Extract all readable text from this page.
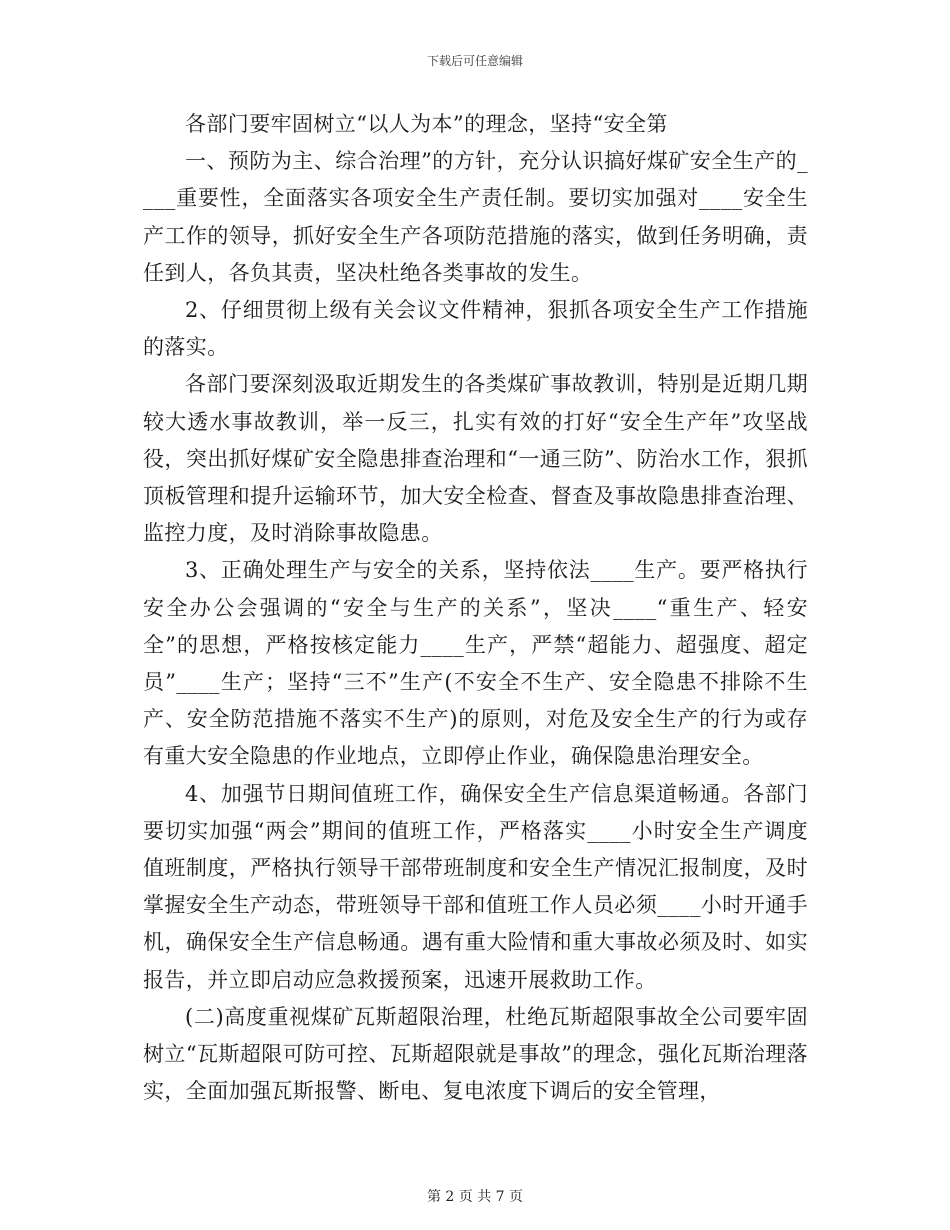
下载后可任意编辑

各部门要牢固树立“以人为本”的理念，坚持“安全第

一、预防为主、综合治理”的方针，充分认识搞好煤矿安全生产的____重要性，全面落实各项安全生产责任制。要切实加强对____安全生产工作的领导，抓好安全生产各项防范措施的落实，做到任务明确，责任到人，各负其责，坚决杜绝各类事故的发生。

2、仔细贯彻上级有关会议文件精神，狠抓各项安全生产工作措施的落实。

各部门要深刻汲取近期发生的各类煤矿事故教训，特别是近期几期较大透水事故教训，举一反三，扎实有效的打好“安全生产年”攻坚战役，突出抓好煤矿安全隐患排查治理和“一通三防”、防治水工作，狠抓顶板管理和提升运输环节，加大安全检查、督查及事故隐患排查治理、监控力度，及时消除事故隐患。

3、正确处理生产与安全的关系，坚持依法____生产。要严格执行安全办公会强调的“安全与生产的关系”，坚决____“重生产、轻安全”的思想，严格按核定能力____生产，严禁“超能力、超强度、超定员”____生产；坚持“三不”生产(不安全不生产、安全隐患不排除不生产、安全防范措施不落实不生产)的原则，对危及安全生产的行为或存有重大安全隐患的作业地点，立即停止作业，确保隐患治理安全。

4、加强节日期间值班工作，确保安全生产信息渠道畅通。各部门要切实加强“两会”期间的值班工作，严格落实____小时安全生产调度值班制度，严格执行领导干部带班制度和安全生产情况汇报制度，及时掌握安全生产动态，带班领导干部和值班工作人员必须____小时开通手机，确保安全生产信息畅通。遇有重大险情和重大事故必须及时、如实报告，并立即启动应急救援预案，迅速开展救助工作。

(二)高度重视煤矿瓦斯超限治理，杜绝瓦斯超限事故全公司要牢固树立“瓦斯超限可防可控、瓦斯超限就是事故”的理念，强化瓦斯治理落实，全面加强瓦斯报警、断电、复电浓度下调后的安全管理，

第 2 页 共 7 页
